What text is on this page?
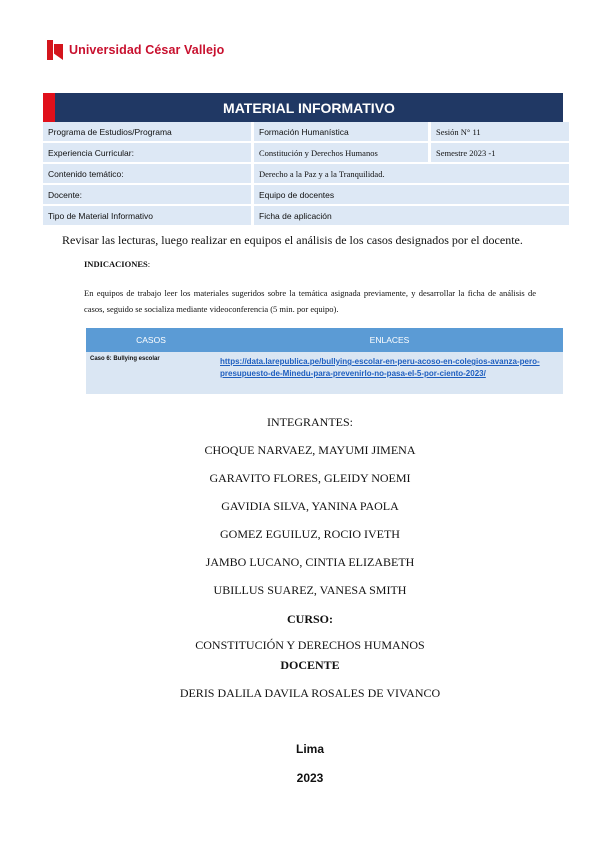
Universidad César Vallejo
MATERIAL INFORMATIVO
Programa de Estudios/Programa		Formación Humanística		Sesión N° 11
Experiencia Curricular:		Constitución y Derechos Humanos		Semestre 2023 -1
Contenido temático:		Derecho a la Paz y a la Tranquilidad.		
Docente:		Equipo de docentes		
Tipo de Material Informativo		Ficha de aplicación		
Revisar las lecturas, luego realizar en equipos el análisis de los casos designados por el docente.
INDICACIONES:
En equipos de trabajo leer los materiales sugeridos sobre la temática asignada previamente, y desarrollar la ficha de análisis de casos, seguido se socializa mediante videoconferencia (5 min. por equipo).
CASOS	ENLACES
Caso 6: Bullying escolar	https://data.larepublica.pe/bullying-escolar-en-peru-acoso-en-colegios-avanza-pero-presupuesto-de-Minedu-para-prevenirlo-no-pasa-el-5-por-ciento-2023/
INTEGRANTES:
CHOQUE NARVAEZ, MAYUMI JIMENA
GARAVITO FLORES, GLEIDY NOEMI
GAVIDIA SILVA, YANINA PAOLA
GOMEZ EGUILUZ, ROCIO IVETH
JAMBO LUCANO, CINTIA ELIZABETH
UBILLUS SUAREZ, VANESA SMITH
CURSO:
CONSTITUCIÓN Y DERECHOS HUMANOS
DOCENTE
DERIS DALILA DAVILA ROSALES DE VIVANCO
Lima
2023
